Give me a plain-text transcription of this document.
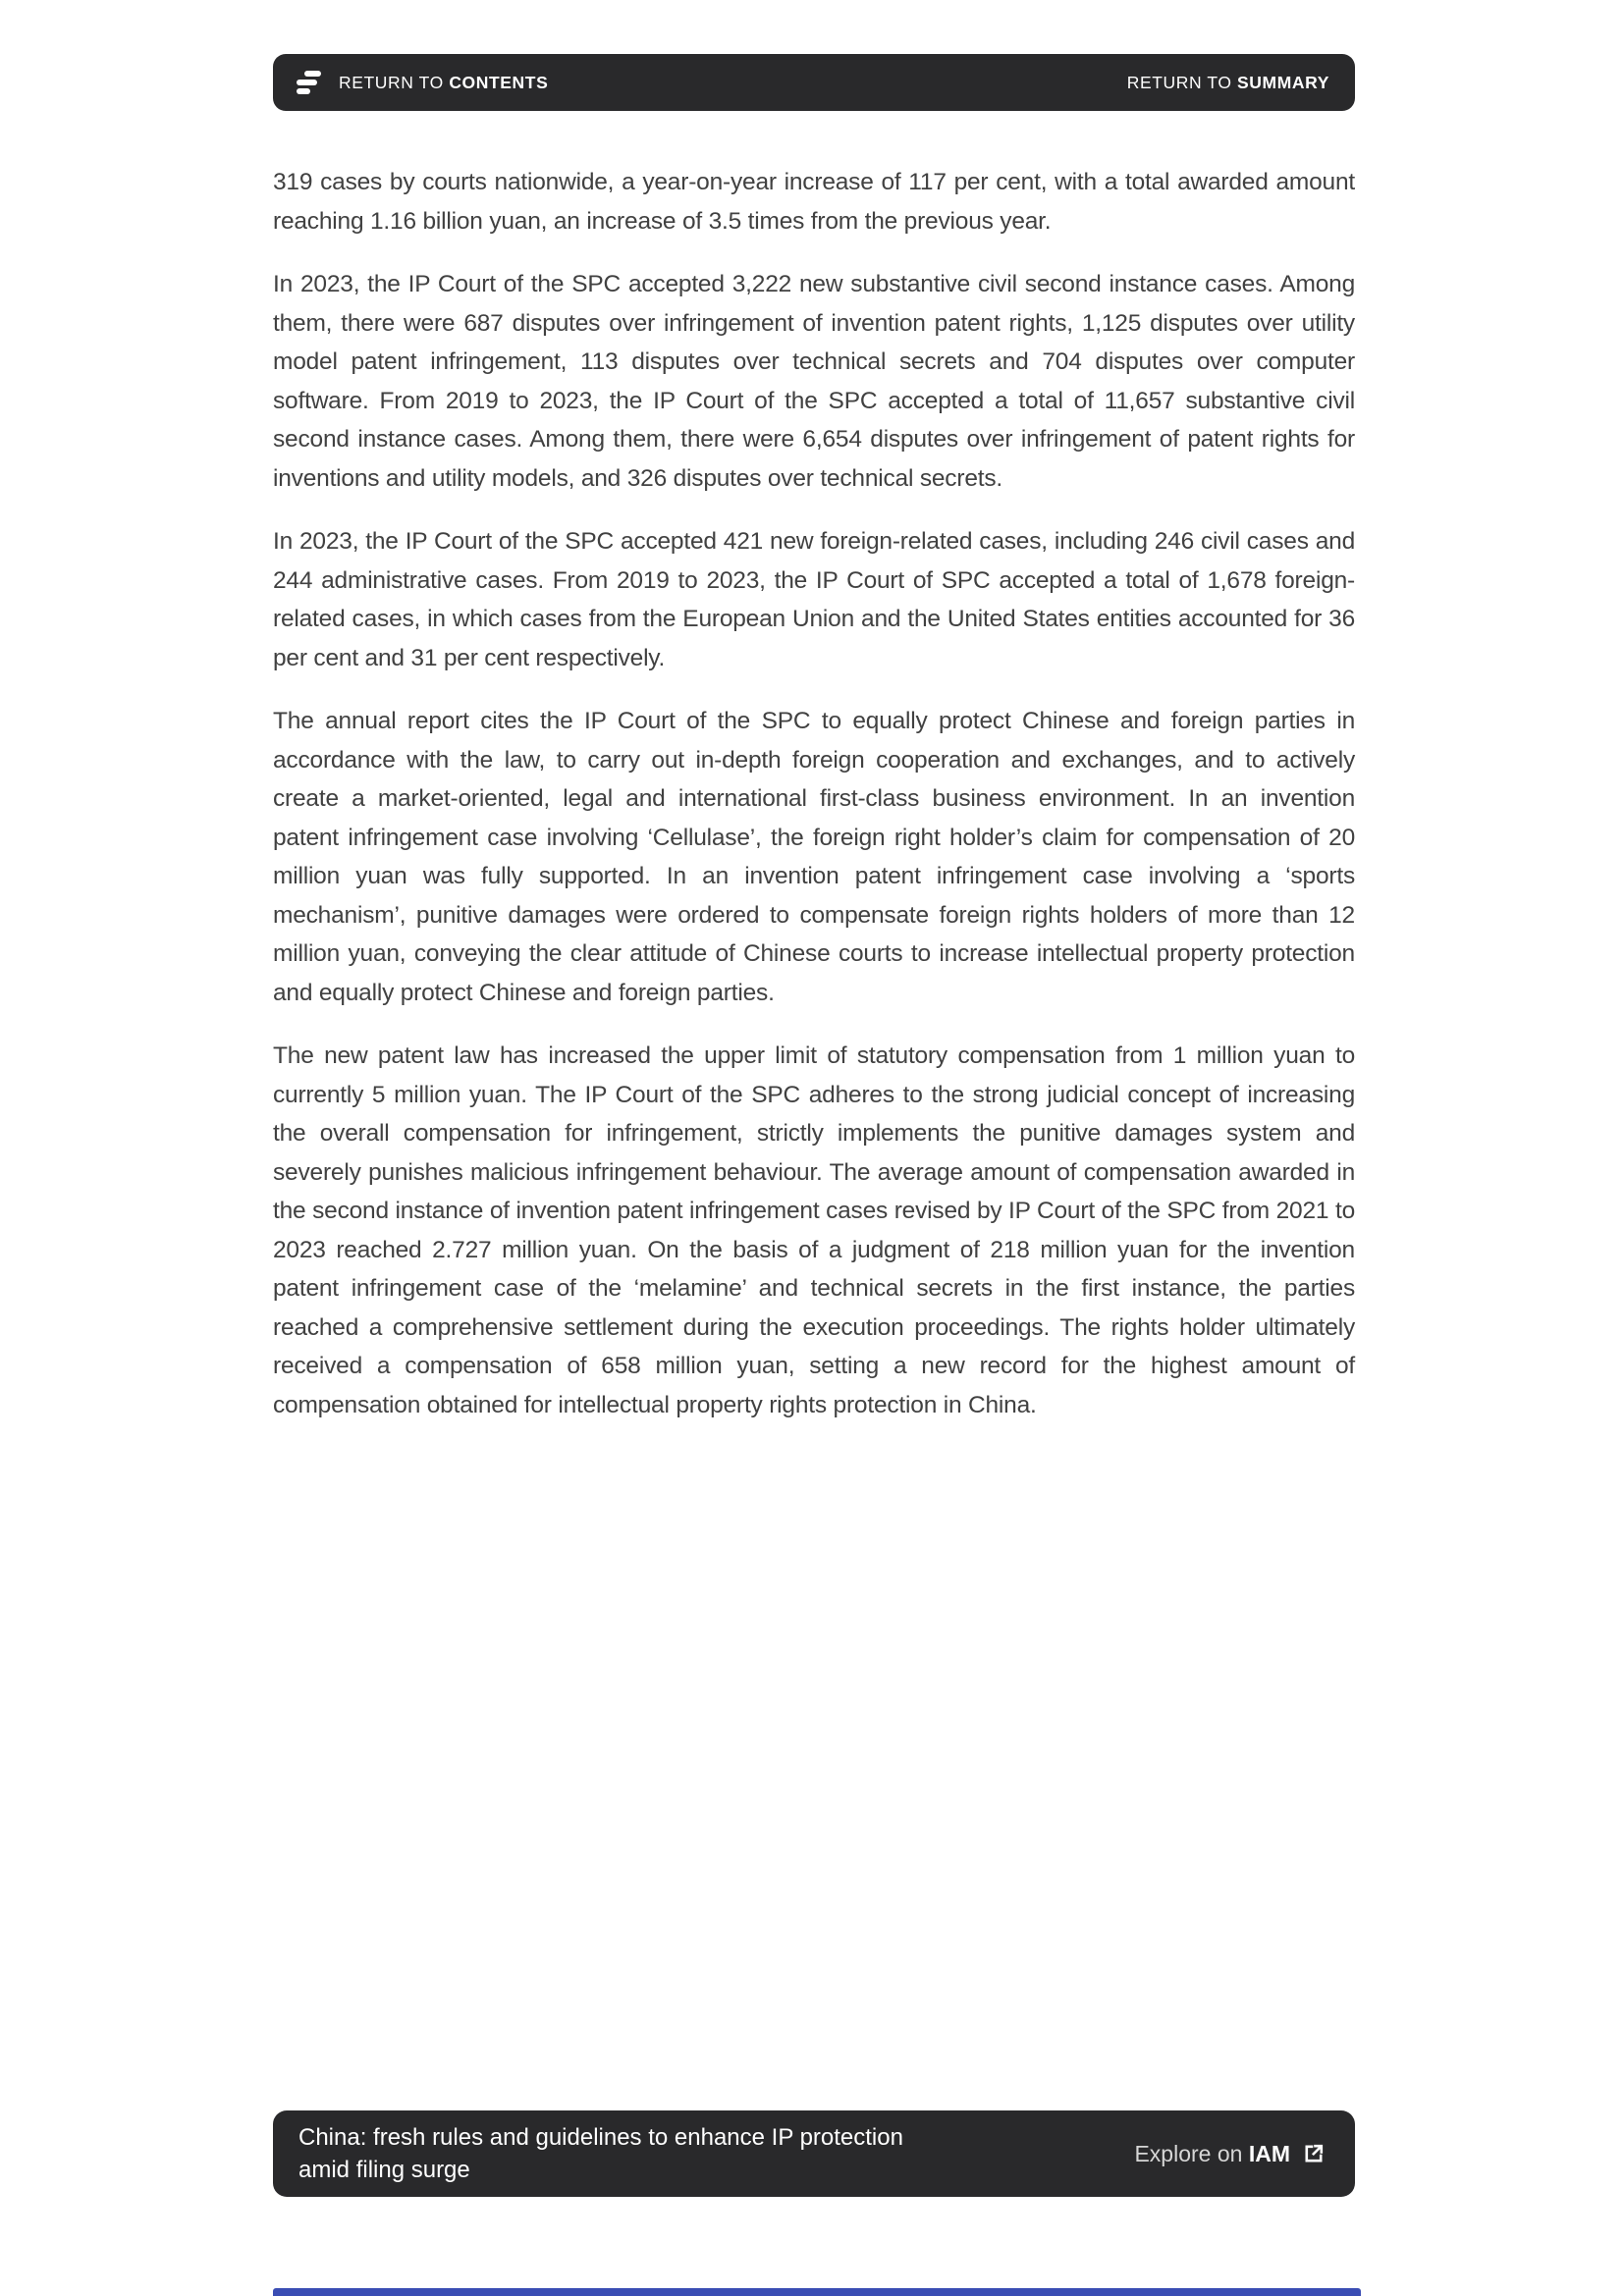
RETURN TO CONTENTS	RETURN TO SUMMARY

319 cases by courts nationwide, a year-on-year increase of 117 per cent, with a total awarded amount reaching 1.16 billion yuan, an increase of 3.5 times from the previous year.

In 2023, the IP Court of the SPC accepted 3,222 new substantive civil second instance cases. Among them, there were 687 disputes over infringement of invention patent rights, 1,125 disputes over utility model patent infringement, 113 disputes over technical secrets and 704 disputes over computer software. From 2019 to 2023, the IP Court of the SPC accepted a total of 11,657 substantive civil second instance cases. Among them, there were 6,654 disputes over infringement of patent rights for inventions and utility models, and 326 disputes over technical secrets.

In 2023, the IP Court of the SPC accepted 421 new foreign-related cases, including 246 civil cases and 244 administrative cases. From 2019 to 2023, the IP Court of SPC accepted a total of 1,678 foreign-related cases, in which cases from the European Union and the United States entities accounted for 36 per cent and 31 per cent respectively.

The annual report cites the IP Court of the SPC to equally protect Chinese and foreign parties in accordance with the law, to carry out in-depth foreign cooperation and exchanges, and to actively create a market-oriented, legal and international first-class business environment. In an invention patent infringement case involving ‘Cellulase’, the foreign right holder’s claim for compensation of 20 million yuan was fully supported. In an invention patent infringement case involving a ‘sports mechanism’, punitive damages were ordered to compensate foreign rights holders of more than 12 million yuan, conveying the clear attitude of Chinese courts to increase intellectual property protection and equally protect Chinese and foreign parties.

The new patent law has increased the upper limit of statutory compensation from 1 million yuan to currently 5 million yuan. The IP Court of the SPC adheres to the strong judicial concept of increasing the overall compensation for infringement, strictly implements the punitive damages system and severely punishes malicious infringement behaviour. The average amount of compensation awarded in the second instance of invention patent infringement cases revised by IP Court of the SPC from 2021 to 2023 reached 2.727 million yuan. On the basis of a judgment of 218 million yuan for the invention patent infringement case of the ‘melamine’ and technical secrets in the first instance, the parties reached a comprehensive settlement during the execution proceedings. The rights holder ultimately received a compensation of 658 million yuan, setting a new record for the highest amount of compensation obtained for intellectual property rights protection in China.

China: fresh rules and guidelines to enhance IP protection amid filing surge
Explore on IAM
